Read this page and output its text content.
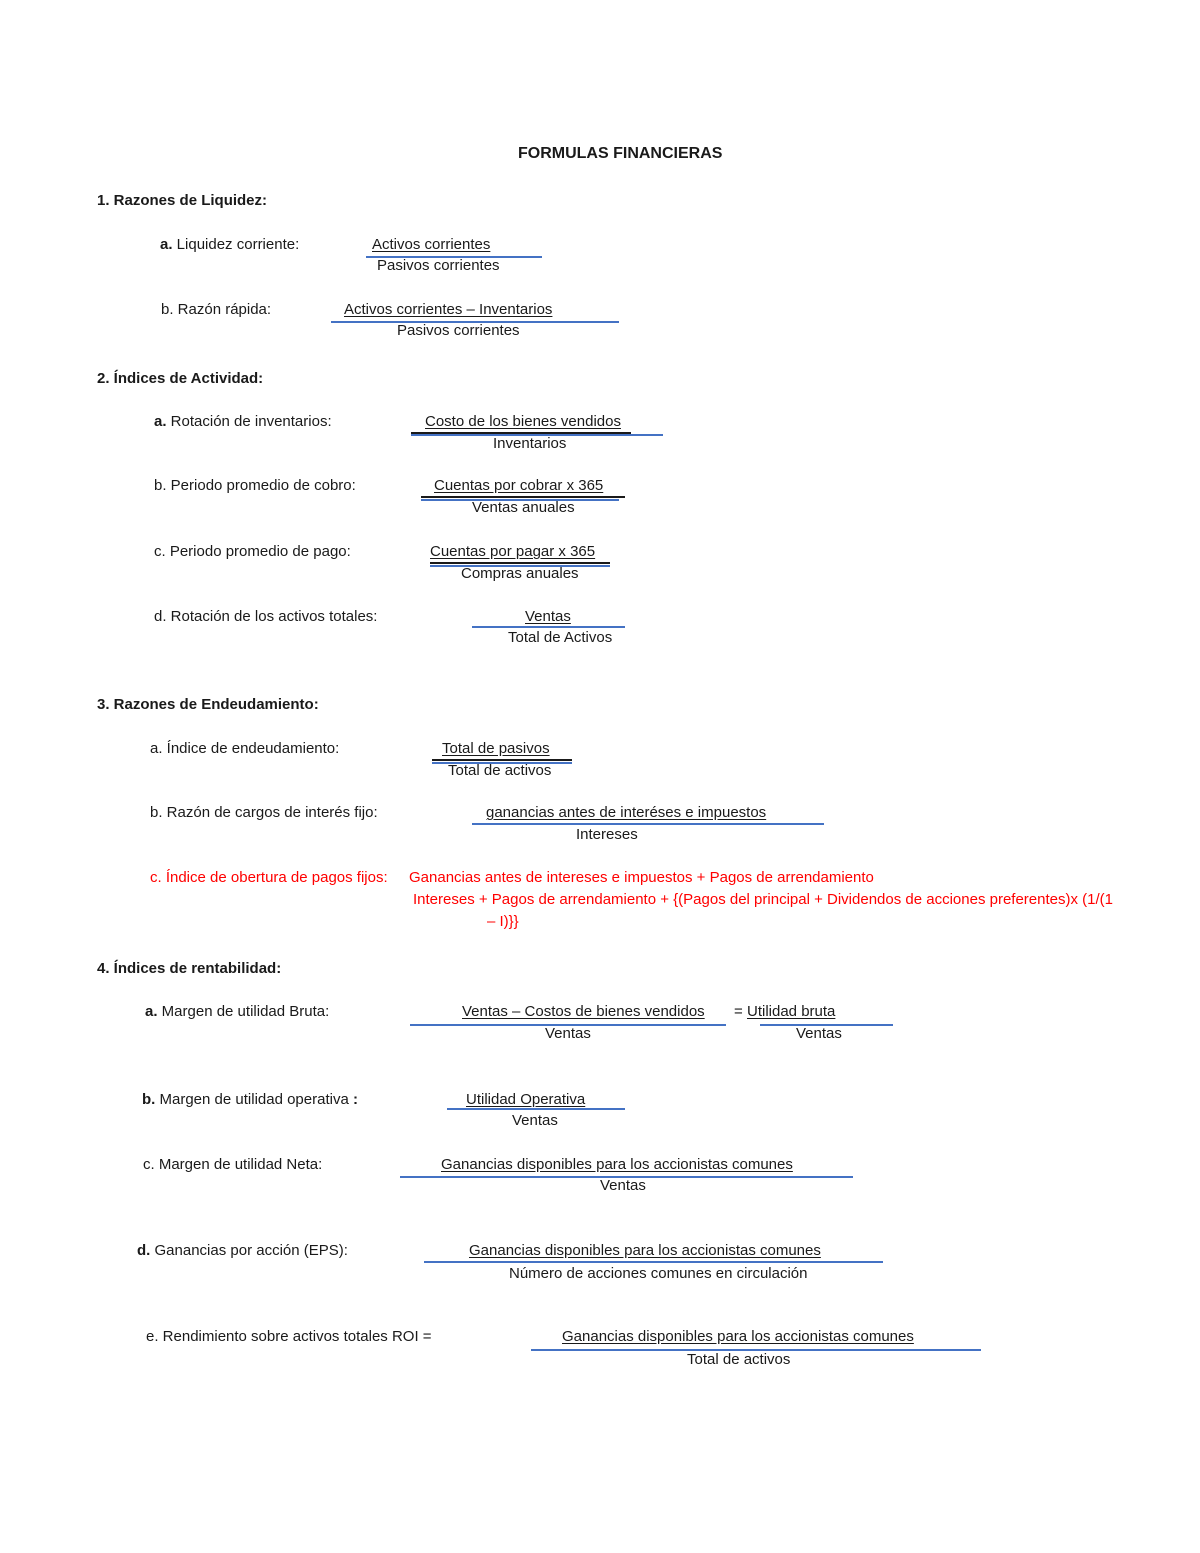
FORMULAS FINANCIERAS
1. Razones de Liquidez:
a. Liquidez corriente:	Activos corrientes
Pasivos corrientes
b. Razón rápida:	Activos corrientes – Inventarios
Pasivos corrientes
2. Índices de Actividad:
a. Rotación de inventarios:	Costo de los bienes vendidos
Inventarios
b. Periodo promedio de cobro:	Cuentas por cobrar x 365
Ventas anuales
c. Periodo promedio de pago:	Cuentas por pagar x 365
Compras anuales
d. Rotación de los activos totales:	Ventas
Total de Activos
3. Razones de Endeudamiento:
a. Índice de endeudamiento:	Total de pasivos
Total de activos
b. Razón de cargos de interés fijo:	ganancias antes de interéses e impuestos
Intereses
c. Índice de obertura de pagos fijos: Ganancias antes de intereses e impuestos + Pagos de arrendamiento
Intereses + Pagos de arrendamiento + {(Pagos del principal + Dividendos de acciones preferentes)x (1/(1
– I)}}
4. Índices de rentabilidad:
a. Margen de utilidad Bruta:	Ventas – Costos de bienes vendidos
Ventas
= Utilidad bruta
Ventas
b. Margen de utilidad operativa :	Utilidad Operativa
Ventas
c. Margen de utilidad Neta:	Ganancias disponibles para los accionistas comunes
Ventas
d. Ganancias por acción (EPS):	Ganancias disponibles para los accionistas comunes
Número de acciones comunes en circulación
e. Rendimiento sobre activos totales ROI =	Ganancias disponibles para los accionistas comunes
Total de activos
